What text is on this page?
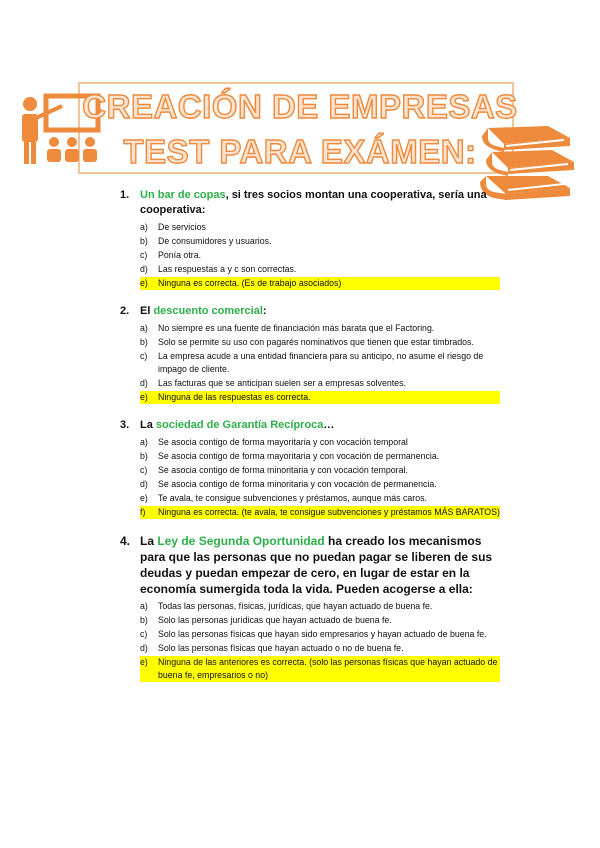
CREACIÓN DE EMPRESAS
TEST PARA EXÁMEN:
1. Un bar de copas, si tres socios montan una cooperativa, sería una cooperativa:
a)	De servicios
b)	De consumidores y usuarios.
c)	Ponía otra.
d)	Las respuestas a y c son correctas.
e)	Ninguna es correcta. (Es de trabajo asociados)
2. El descuento comercial:
a)	No siempre es una fuente de financiación más barata que el Factoring.
b)	Solo se permite su uso con pagarés nominativos que tienen que estar timbrados.
c)	La empresa acude a una entidad financiera para su anticipo, no asume el riesgo de impago de cliente.
d)	Las facturas que se anticipan suelen ser a empresas solventes.
e)	Ninguna de las respuestas es correcta.
3. La sociedad de Garantía Recíproca…
a)	Se asocia contigo de forma mayoritaria y con vocación temporal
b)	Se asocia contigo de forma mayoritaria y con vocación de permanencia.
c)	Se asocia contigo de forma minoritaria y con vocación temporal.
d)	Se asocia contigo de forma minoritaria y con vocación de permanencia.
e)	Te avala, te consigue subvenciones y préstamos, aunque más caros.
f)	Ninguna es correcta. (te avala, te consigue subvenciones y préstamos MÁS BARATOS)
4. La Ley de Segunda Oportunidad ha creado los mecanismos para que las personas que no puedan pagar se liberen de sus deudas y puedan empezar de cero, en lugar de estar en la economía sumergida toda la vida. Pueden acogerse a ella:
a)	Todas las personas, físicas, jurídicas, que hayan actuado de buena fe.
b)	Solo las personas jurídicas que hayan actuado de buena fe.
c)	Solo las personas físicas que hayan sido empresarios y hayan actuado de buena fe.
d)	Solo las personas físicas que hayan actuado o no de buena fe.
e)	Ninguna de las anteriores es correcta. (solo las personas físicas que hayan actuado de buena fe, empresarios o no)
